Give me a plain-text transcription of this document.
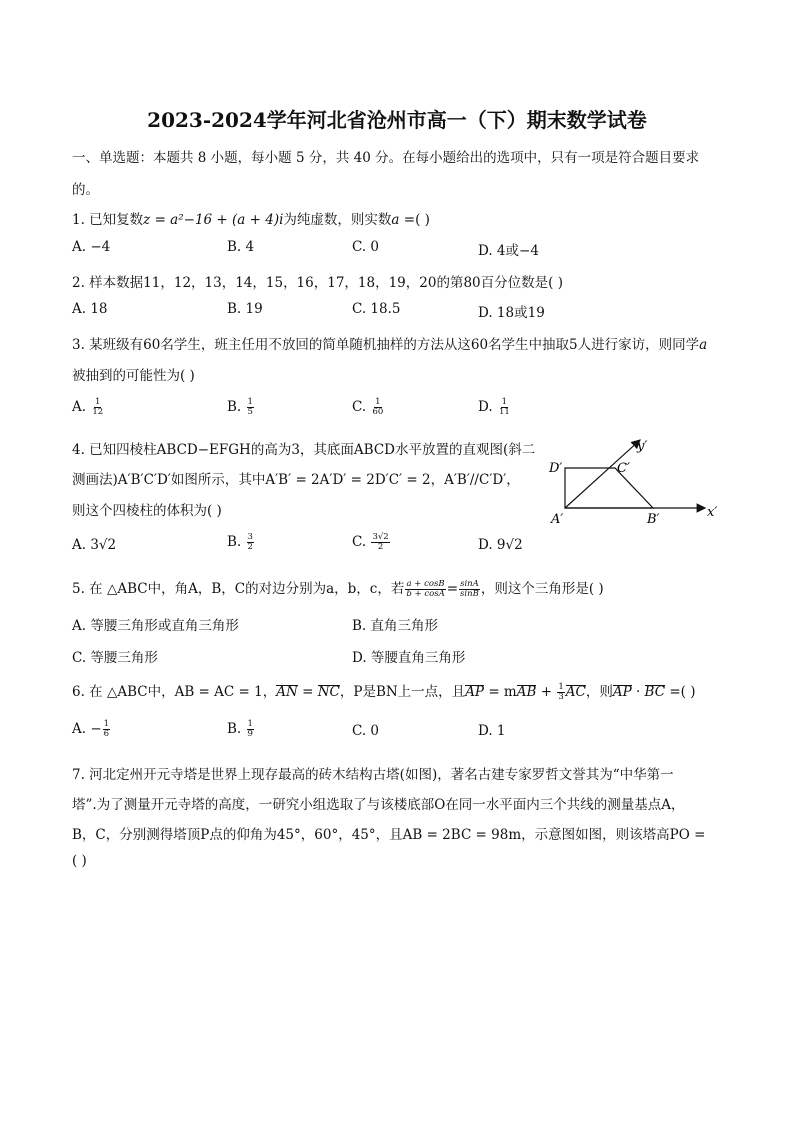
2023-2024学年河北省沧州市高一（下）期末数学试卷
一、单选题：本题共 8 小题，每小题 5 分，共 40 分。在每小题给出的选项中，只有一项是符合题目要求
的。
1. 已知复数z = a²−16 + (a + 4)i为纯虚数，则实数a =( )
A. −4	B. 4	C. 0	D. 4或−4
2. 样本数据11，12，13，14，15，16，17，18，19，20的第80百分位数是( )
A. 18	B. 19	C. 18.5	D. 18或19
3. 某班级有60名学生，班主任用不放回的简单随机抽样的方法从这60名学生中抽取5人进行家访，则同学a
被抽到的可能性为( )
A. $\frac{1}{12}$	B. $\frac{1}{5}$	C. $\frac{1}{60}$	D. $\frac{1}{11}$
4. 已知四棱柱ABCD−EFGH的高为3，其底面ABCD水平放置的直观图(斜二
测画法)A′B′C′D′如图所示，其中A′B′ = 2A′D′ = 2D′C′ = 2，A′B′//C′D′，
则这个四棱柱的体积为( )
D′	C′
A′	B′	x′
y′
A. 3√2	B. $\frac{3}{2}$	C. $\frac{3√2}{2}$	D. 9√2
5. 在 △ABC中，角A，B，C的对边分别为a，b，c，若 $\frac{a + \cos B}{b + \cos A} = \frac{\sin A}{\sin B}$ ，则这个三角形是( )
A. 等腰三角形或直角三角形	B. 直角三角形
C. 等腰三角形	D. 等腰直角三角形
6. 在 △ABC中，AB = AC = 1，AN = NC，P是BN上一点，且AP = mAB + $\frac{1}{3}$ AC，则AP · BC =( )
A. − $\frac{1}{6}$	B. $\frac{1}{9}$	C. 0	D. 1
7. 河北定州开元寺塔是世界上现存最高的砖木结构古塔(如图)，著名古建专家罗哲文誉其为“中华第一
塔”.为了测量开元寺塔的高度，一研究小组选取了与该楼底部O在同一水平面内三个共线的测量基点A，
B，C，分别测得塔顶P点的仰角为45°，60°，45°，且AB = 2BC = 98m，示意图如图，则该塔高PO =
( )
